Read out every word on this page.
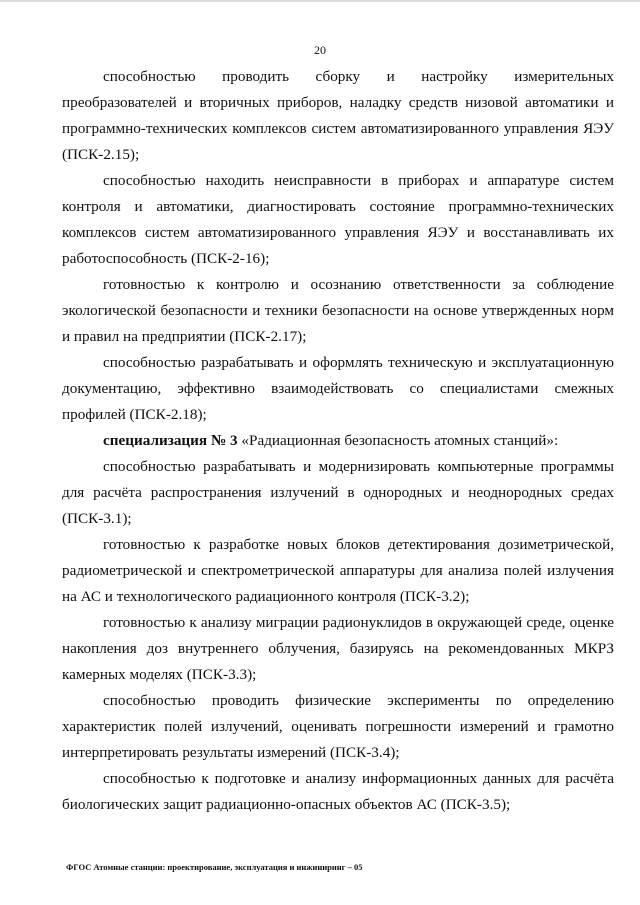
20

способностью проводить сборку и настройку измерительных преобразователей и вторичных приборов, наладку средств низовой автоматики и программно-технических комплексов систем автоматизированного управления ЯЭУ (ПСК-2.15);

способностью находить неисправности в приборах и аппаратуре систем контроля и автоматики, диагностировать состояние программно-технических комплексов систем автоматизированного управления ЯЭУ и восстанавливать их работоспособность (ПСК-2-16);

готовностью к контролю и осознанию ответственности за соблюдение экологической безопасности и техники безопасности на основе утвержденных норм и правил на предприятии (ПСК-2.17);

способностью разрабатывать и оформлять техническую и эксплуатационную документацию, эффективно взаимодействовать со специалистами смежных профилей (ПСК-2.18);

специализация № 3 «Радиационная безопасность атомных станций»:

способностью разрабатывать и модернизировать компьютерные программы для расчёта распространения излучений в однородных и неоднородных средах (ПСК-3.1);

готовностью к разработке новых блоков детектирования дозиметрической, радиометрической и спектрометрической аппаратуры для анализа полей излучения на АС и технологического радиационного контроля (ПСК-3.2);

готовностью к анализу миграции радионуклидов в окружающей среде, оценке накопления доз внутреннего облучения, базируясь на рекомендованных МКРЗ камерных моделях (ПСК-3.3);

способностью проводить физические эксперименты по определению характеристик полей излучений, оценивать погрешности измерений и грамотно интерпретировать результаты измерений (ПСК-3.4);

способностью к подготовке и анализу информационных данных для расчёта биологических защит радиационно-опасных объектов АС (ПСК-3.5);

ФГОС Атомные станции: проектирование, эксплуатация и инжиниринг – 05
